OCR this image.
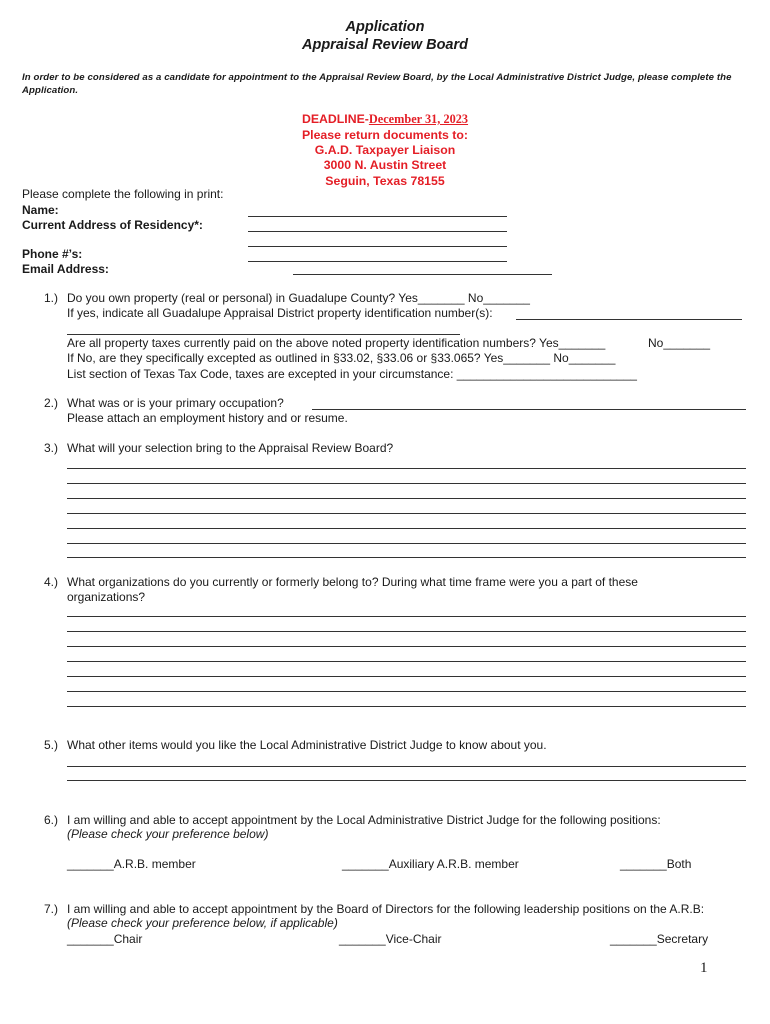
Application
Appraisal Review Board
In order to be considered as a candidate for appointment to the Appraisal Review Board, by the Local Administrative District Judge, please complete the Application.
DEADLINE-December 31, 2023
Please return documents to:
G.A.D. Taxpayer Liaison
3000 N. Austin Street
Seguin, Texas 78155
Please complete the following in print:
Name:
Current Address of Residency*:
Phone #’s:
Email Address:
1.) Do you own property (real or personal) in Guadalupe County? Yes_______ No_______
If yes, indicate all Guadalupe Appraisal District property identification number(s):
Are all property taxes currently paid on the above noted property identification numbers? Yes_______	No_______
If No, are they specifically excepted as outlined in §33.02, §33.06 or §33.065? Yes_______ No_______
List section of Texas Tax Code, taxes are excepted in your circumstance: ___________________________
2.) What was or is your primary occupation?
Please attach an employment history and or resume.
3.) What will your selection bring to the Appraisal Review Board?
4.) What organizations do you currently or formerly belong to? During what time frame were you a part of these
organizations?
5.) What other items would you like the Local Administrative District Judge to know about you.
6.) I am willing and able to accept appointment by the Local Administrative District Judge for the following positions:
(Please check your preference below)
_______A.R.B. member	_______Auxiliary A.R.B. member	_______Both
7.) I am willing and able to accept appointment by the Board of Directors for the following leadership positions on the A.R.B:
(Please check your preference below, if applicable)
_______Chair	_______Vice-Chair	_______Secretary
1
